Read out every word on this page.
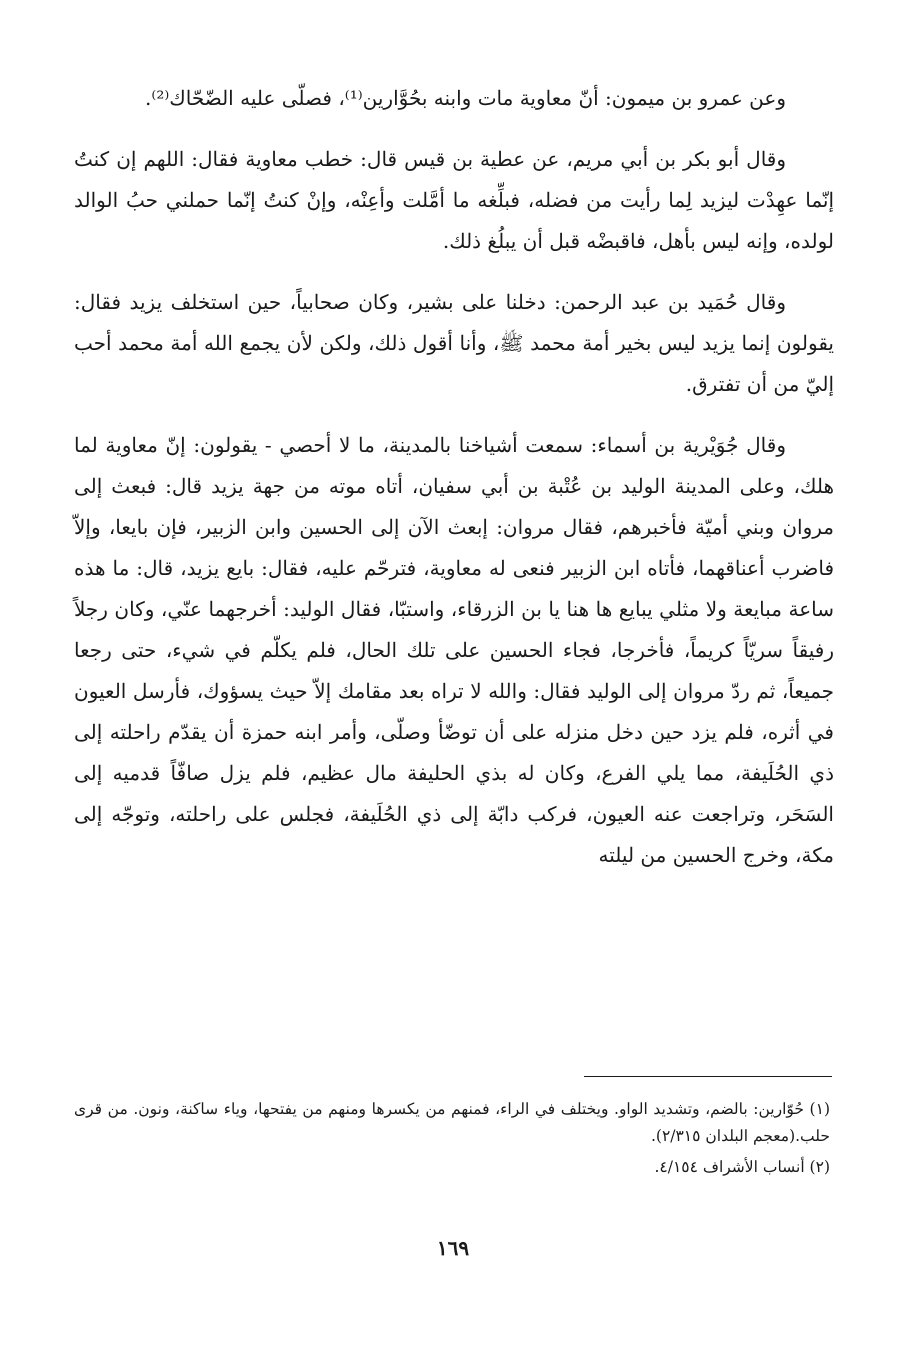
وعن عمرو بن ميمون: أنّ معاوية مات وابنه بحُوَّارين⁽¹⁾، فصلّى عليه الضّحّاك⁽²⁾.

وقال أبو بكر بن أبي مريم، عن عطية بن قيس قال: خطب معاوية فقال: اللهم إن كنتُ إنّما عهِدْت ليزيد لِما رأيت من فضله، فبلِّغه ما أمَّلت وأعِنْه، وإنْ كنتُ إنّما حملني حبُ الوالد لولده، وإنه ليس بأهل، فاقبضْه قبل أن يبلُغ ذلك.

وقال حُمَيد بن عبد الرحمن: دخلنا على بشير، وكان صحابياً، حين استخلف يزيد فقال: يقولون إنما يزيد ليس بخير أمة محمد ﷺ، وأنا أقول ذلك، ولكن لأن يجمع الله أمة محمد أحب إليّ من أن تفترق.

وقال جُوَيْرية بن أسماء: سمعت أشياخنا بالمدينة، ما لا أحصي - يقولون: إنّ معاوية لما هلك، وعلى المدينة الوليد بن عُتْبة بن أبي سفيان، أتاه موته من جهة يزيد قال: فبعث إلى مروان وبني أميّة فأخبرهم، فقال مروان: إبعث الآن إلى الحسين وابن الزبير، فإن بايعا، وإلاّ فاضرب أعناقهما، فأتاه ابن الزبير فنعى له معاوية، فترحّم عليه، فقال: بايع يزيد، قال: ما هذه ساعة مبايعة ولا مثلي يبايع ها هنا يا بن الزرقاء، واستبّا، فقال الوليد: أخرجهما عنّي، وكان رجلاً رفيقاً سريّاً كريماً، فأخرجا، فجاء الحسين على تلك الحال، فلم يكلّم في شيء، حتى رجعا جميعاً، ثم ردّ مروان إلى الوليد فقال: والله لا تراه بعد مقامك إلاّ حيث يسؤوك، فأرسل العيون في أثره، فلم يزد حين دخل منزله على أن توضّأ وصلّى، وأمر ابنه حمزة أن يقدّم راحلته إلى ذي الحُلَيفة، مما يلي الفرع، وكان له بذي الحليفة مال عظيم، فلم يزل صافّاً قدميه إلى السَحَر، وتراجعت عنه العيون، فركب دابّة إلى ذي الحُلَيفة، فجلس على راحلته، وتوجّه إلى مكة، وخرج الحسين من ليلته

(١) حُوّارين: بالضم، وتشديد الواو. ويختلف في الراء، فمنهم من يكسرها ومنهم من يفتحها، وياء ساكنة، ونون. من قرى حلب.(معجم البلدان ٢/٣١٥).

(٢) أنساب الأشراف ٤/١٥٤.

١٦٩
